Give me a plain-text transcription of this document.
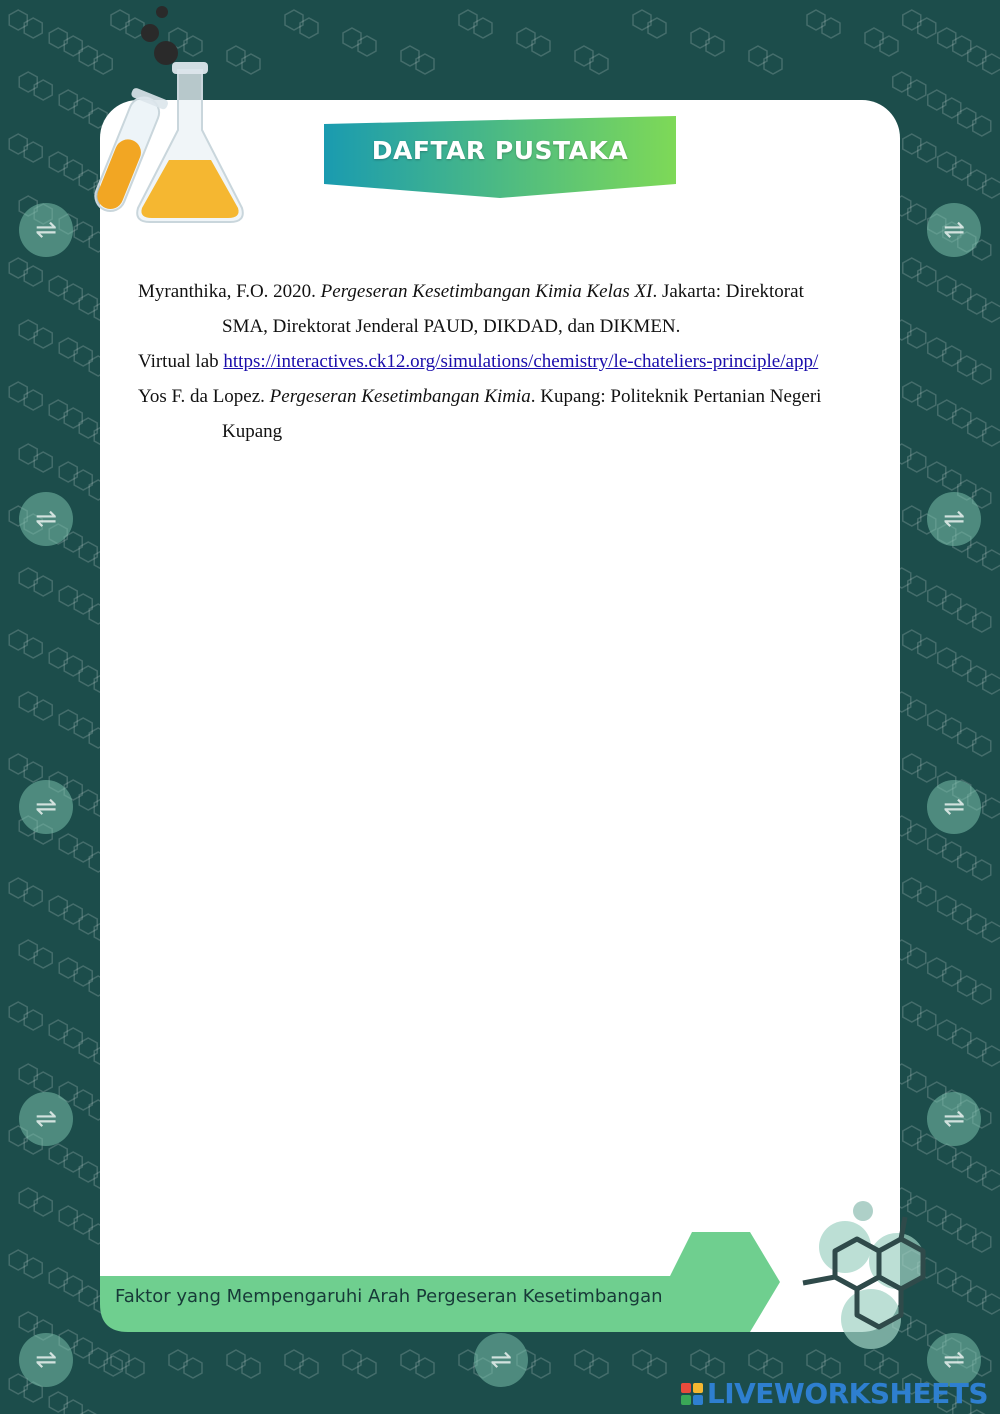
⇌	⇌
⇌	⇌
⇌	⇌
⇌	⇌
⇌	⇌	⇌
DAFTAR PUSTAKA

Myranthika, F.O. 2020. Pergeseran Kesetimbangan Kimia Kelas XI. Jakarta: Direktorat

SMA, Direktorat Jenderal PAUD, DIKDAD, dan DIKMEN.

Virtual lab https://interactives.ck12.org/simulations/chemistry/le-chateliers-principle/app/

Yos F. da Lopez. Pergeseran Kesetimbangan Kimia. Kupang: Politeknik Pertanian Negeri

Kupang

Faktor yang Mempengaruhi Arah Pergeseran Kesetimbangan
LIVEWORKSHEETS
